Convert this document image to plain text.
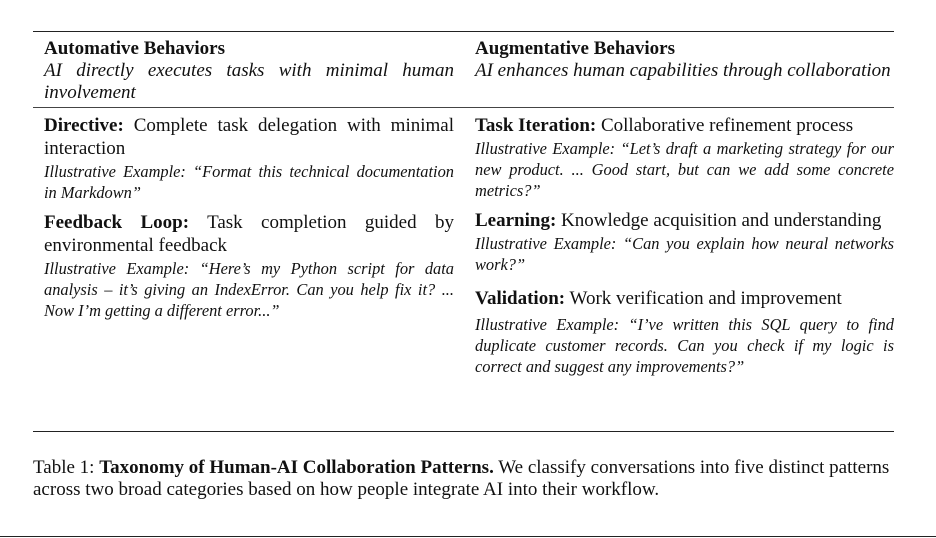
Automative Behaviors
AI directly executes tasks with minimal human involvement
Augmentative Behaviors
AI enhances human capabilities through collaboration
Directive: Complete task delegation with minimal interaction
Illustrative Example: “Format this technical documentation in Markdown”
Feedback Loop: Task completion guided by environmental feedback
Illustrative Example: “Here’s my Python script for data analysis – it’s giving an IndexError. Can you help fix it? ... Now I’m getting a different error...”
Task Iteration: Collaborative refinement process
Illustrative Example: “Let’s draft a marketing strategy for our new product. ... Good start, but can we add some concrete metrics?”
Learning: Knowledge acquisition and understanding
Illustrative Example: “Can you explain how neural networks work?”
Validation: Work verification and improvement
Illustrative Example: “I’ve written this SQL query to find duplicate customer records. Can you check if my logic is correct and suggest any improvements?”
Table 1: Taxonomy of Human-AI Collaboration Patterns. We classify conversations into five distinct patterns across two broad categories based on how people integrate AI into their workflow.
